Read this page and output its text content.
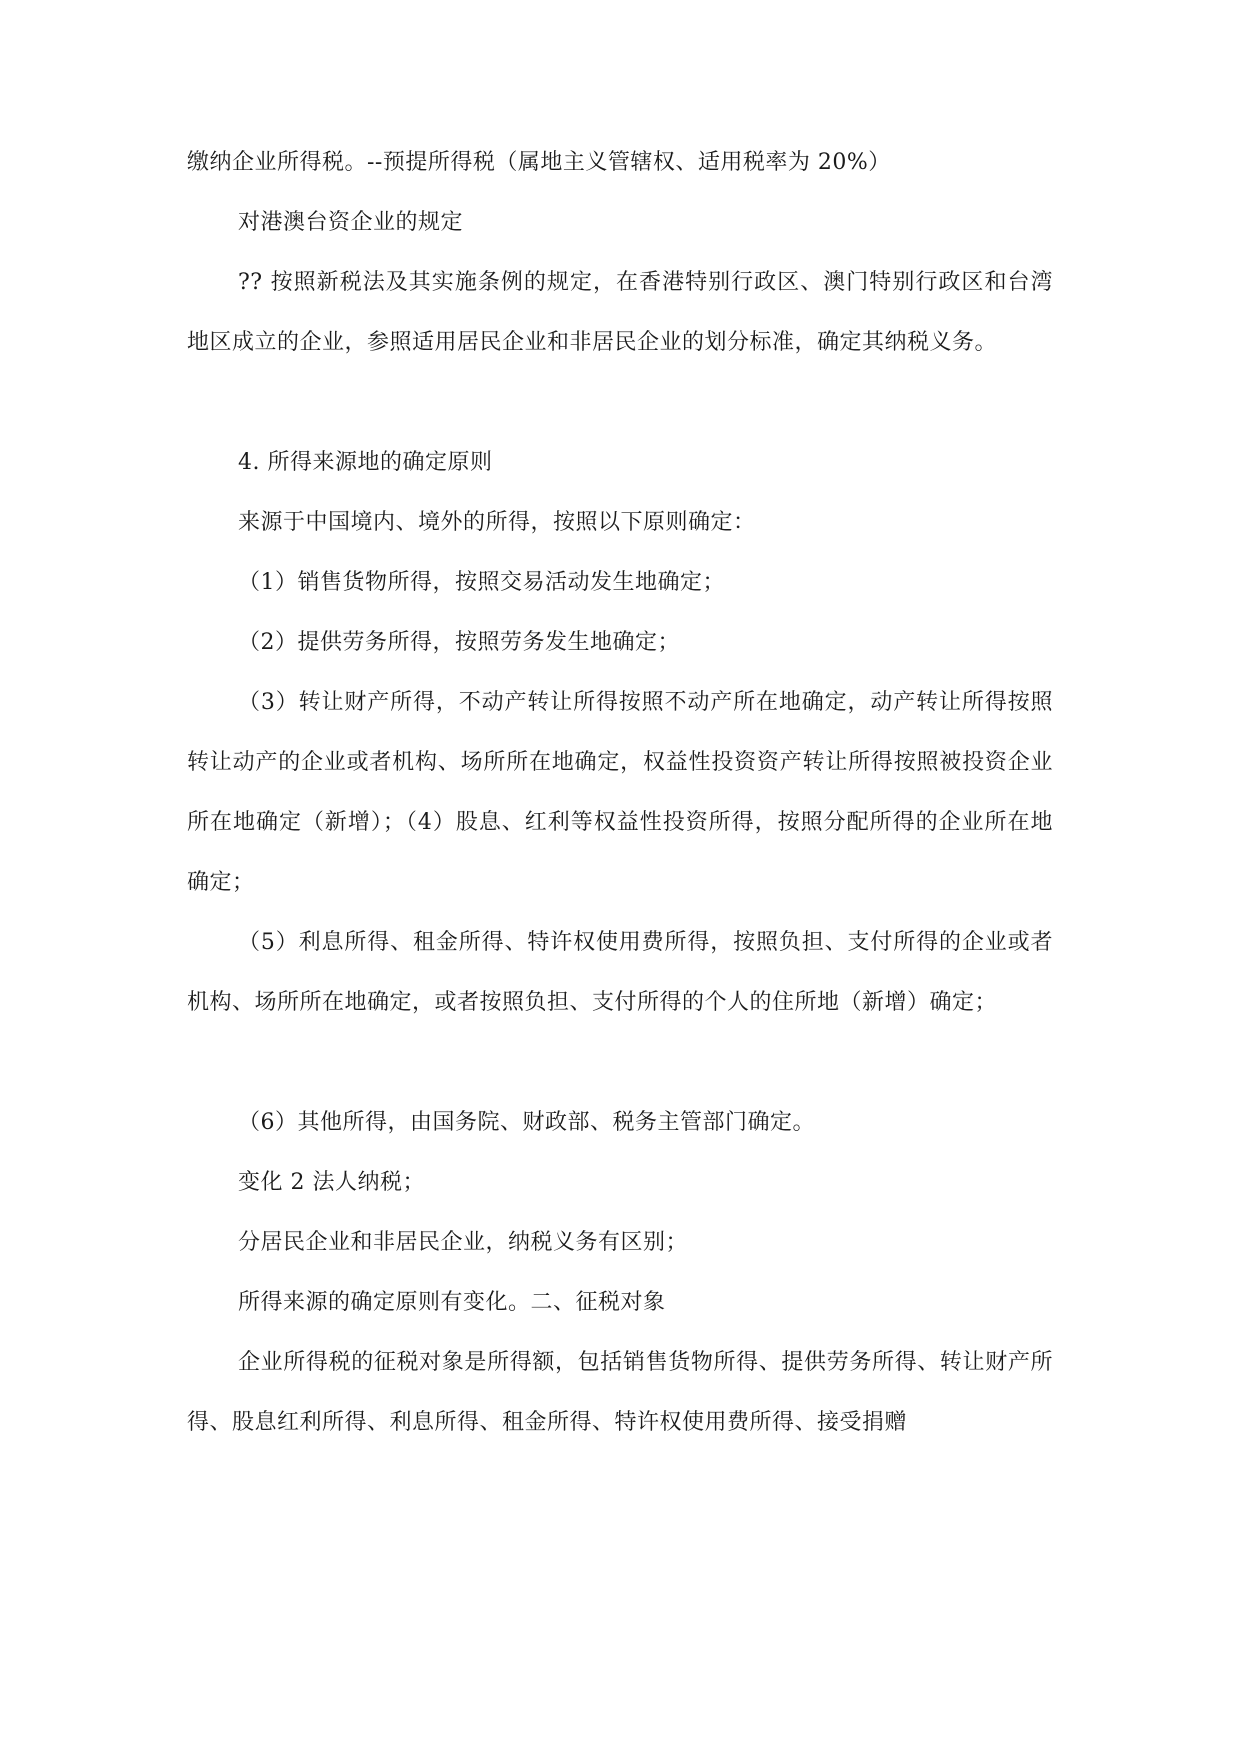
缴纳企业所得税。--预提所得税（属地主义管辖权、适用税率为 20%）

对港澳台资企业的规定

?? 按照新税法及其实施条例的规定，在香港特别行政区、澳门特别行政区和台湾地区成立的企业，参照适用居民企业和非居民企业的划分标准，确定其纳税义务。

4. 所得来源地的确定原则

来源于中国境内、境外的所得，按照以下原则确定：

（1）销售货物所得，按照交易活动发生地确定；

（2）提供劳务所得，按照劳务发生地确定；

（3）转让财产所得，不动产转让所得按照不动产所在地确定，动产转让所得按照转让动产的企业或者机构、场所所在地确定，权益性投资资产转让所得按照被投资企业所在地确定（新增）；（4）股息、红利等权益性投资所得，按照分配所得的企业所在地确定；

（5）利息所得、租金所得、特许权使用费所得，按照负担、支付所得的企业或者机构、场所所在地确定，或者按照负担、支付所得的个人的住所地（新增）确定；

（6）其他所得，由国务院、财政部、税务主管部门确定。

变化 2 法人纳税；

分居民企业和非居民企业，纳税义务有区别；

所得来源的确定原则有变化。二、征税对象

企业所得税的征税对象是所得额，包括销售货物所得、提供劳务所得、转让财产所得、股息红利所得、利息所得、租金所得、特许权使用费所得、接受捐赠
